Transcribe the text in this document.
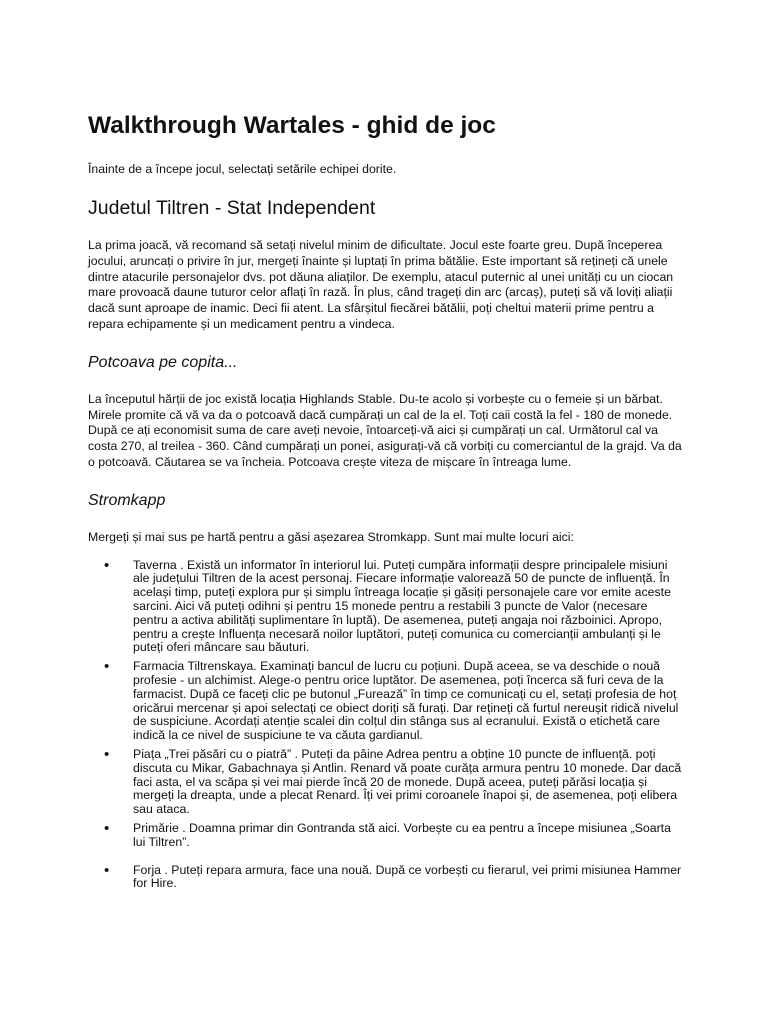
Walkthrough Wartales - ghid de joc

Înainte de a începe jocul, selectați setările echipei dorite.

Judetul Tiltren - Stat Independent

La prima joacă, vă recomand să setați nivelul minim de dificultate. Jocul este foarte greu. După începerea jocului, aruncați o privire în jur, mergeți înainte și luptați în prima bătălie. Este important să rețineți că unele dintre atacurile personajelor dvs. pot dăuna aliaților. De exemplu, atacul puternic al unei unități cu un ciocan mare provoacă daune tuturor celor aflați în rază. În plus, când trageți din arc (arcaș), puteți să vă loviți aliații dacă sunt aproape de inamic. Deci fii atent. La sfârșitul fiecărei bătălii, poți cheltui materii prime pentru a repara echipamente și un medicament pentru a vindeca.

Potcoava pe copita...

La începutul hărții de joc există locația Highlands Stable. Du-te acolo și vorbește cu o femeie și un bărbat. Mirele promite că vă va da o potcoavă dacă cumpărați un cal de la el. Toți caii costă la fel - 180 de monede. După ce ați economisit suma de care aveți nevoie, întoarceți-vă aici și cumpărați un cal. Următorul cal va costa 270, al treilea - 360. Când cumpărați un ponei, asigurați-vă că vorbiți cu comerciantul de la grajd. Va da o potcoavă. Căutarea se va încheia. Potcoava crește viteza de mișcare în întreaga lume.

Stromkapp

Mergeți și mai sus pe hartă pentru a găsi așezarea Stromkapp. Sunt mai multe locuri aici:

• Taverna . Există un informator în interiorul lui. Puteți cumpăra informații despre principalele misiuni ale județului Tiltren de la acest personaj. Fiecare informație valorează 50 de puncte de influență. În același timp, puteți explora pur și simplu întreaga locație și găsiți personajele care vor emite aceste sarcini. Aici vă puteți odihni și pentru 15 monede pentru a restabili 3 puncte de Valor (necesare pentru a activa abilități suplimentare în luptă). De asemenea, puteți angaja noi războinici. Apropo, pentru a crește Influența necesară noilor luptători, puteți comunica cu comercianții ambulanți și le puteți oferi mâncare sau băuturi.
• Farmacia Tiltrenskaya. Examinați bancul de lucru cu poțiuni. După aceea, se va deschide o nouă profesie - un alchimist. Alege-o pentru orice luptător. De asemenea, poți încerca să furi ceva de la farmacist. După ce faceți clic pe butonul „Furează” în timp ce comunicați cu el, setați profesia de hoț oricărui mercenar și apoi selectați ce obiect doriți să furați. Dar rețineți că furtul nereușit ridică nivelul de suspiciune. Acordați atenție scalei din colțul din stânga sus al ecranului. Există o etichetă care indică la ce nivel de suspiciune te va căuta gardianul.
• Piața „Trei păsări cu o piatră” . Puteți da pâine Adrea pentru a obține 10 puncte de influență. poți discuta cu Mikar, Gabachnaya și Antlin. Renard vă poate curăța armura pentru 10 monede. Dar dacă faci asta, el va scăpa și vei mai pierde încă 20 de monede. După aceea, puteți părăsi locația și mergeți la dreapta, unde a plecat Renard. Îți vei primi coroanele înapoi și, de asemenea, poți elibera sau ataca.
• Primărie . Doamna primar din Gontranda stă aici. Vorbește cu ea pentru a începe misiunea „Soarta lui Tiltren”.
• Forja . Puteți repara armura, face una nouă. După ce vorbești cu fierarul, vei primi misiunea Hammer for Hire.
